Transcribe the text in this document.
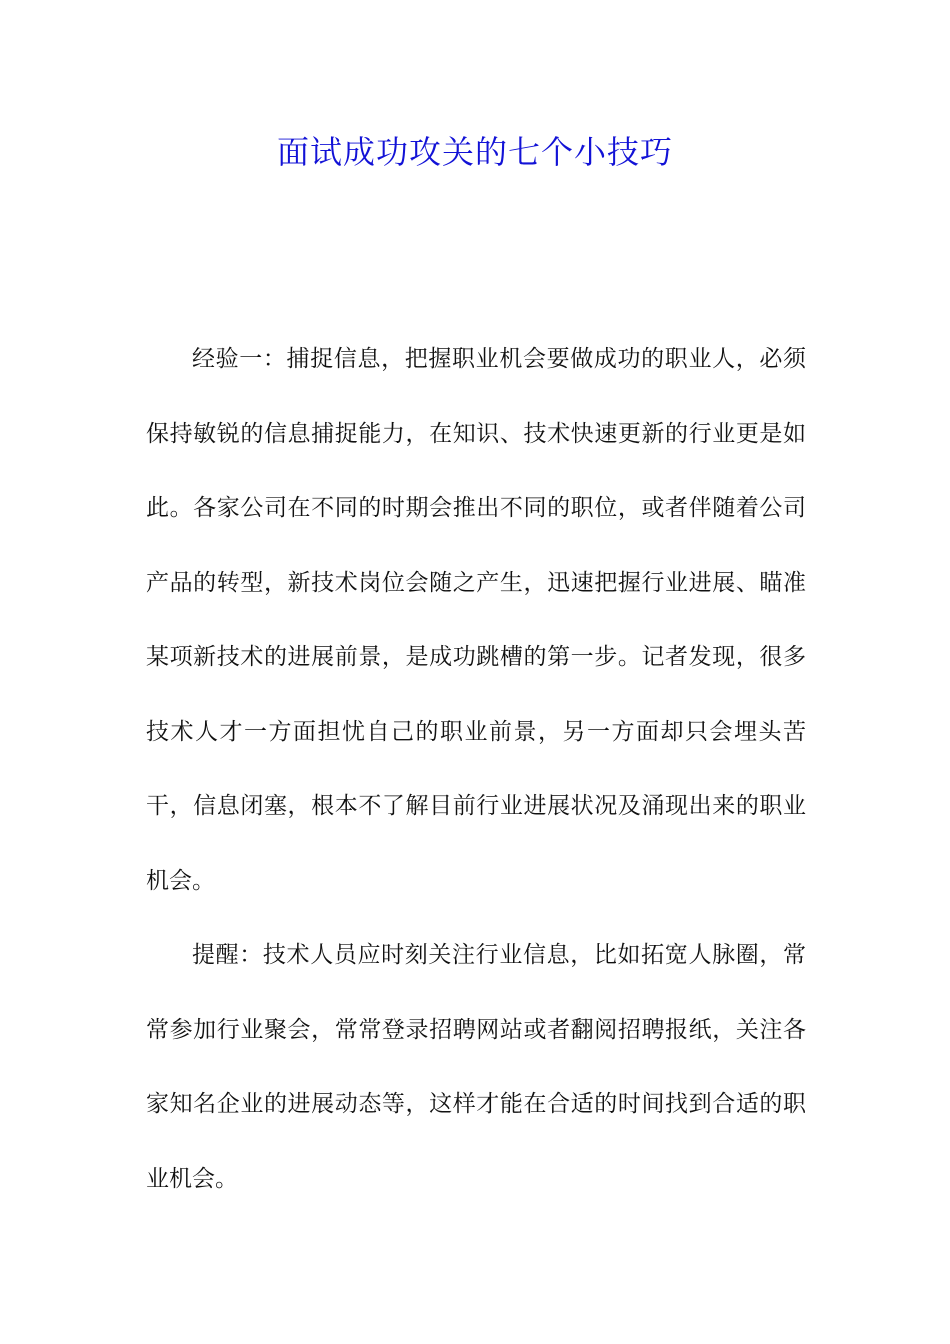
面试成功攻关的七个小技巧

经验一：捕捉信息，把握职业机会要做成功的职业人，必须保持敏锐的信息捕捉能力，在知识、技术快速更新的行业更是如此。各家公司在不同的时期会推出不同的职位，或者伴随着公司产品的转型，新技术岗位会随之产生，迅速把握行业进展、瞄准某项新技术的进展前景，是成功跳槽的第一步。记者发现，很多技术人才一方面担忧自己的职业前景，另一方面却只会埋头苦干，信息闭塞，根本不了解目前行业进展状况及涌现出来的职业机会。

提醒：技术人员应时刻关注行业信息，比如拓宽人脉圈，常常参加行业聚会，常常登录招聘网站或者翻阅招聘报纸，关注各家知名企业的进展动态等，这样才能在合适的时间找到合适的职业机会。
